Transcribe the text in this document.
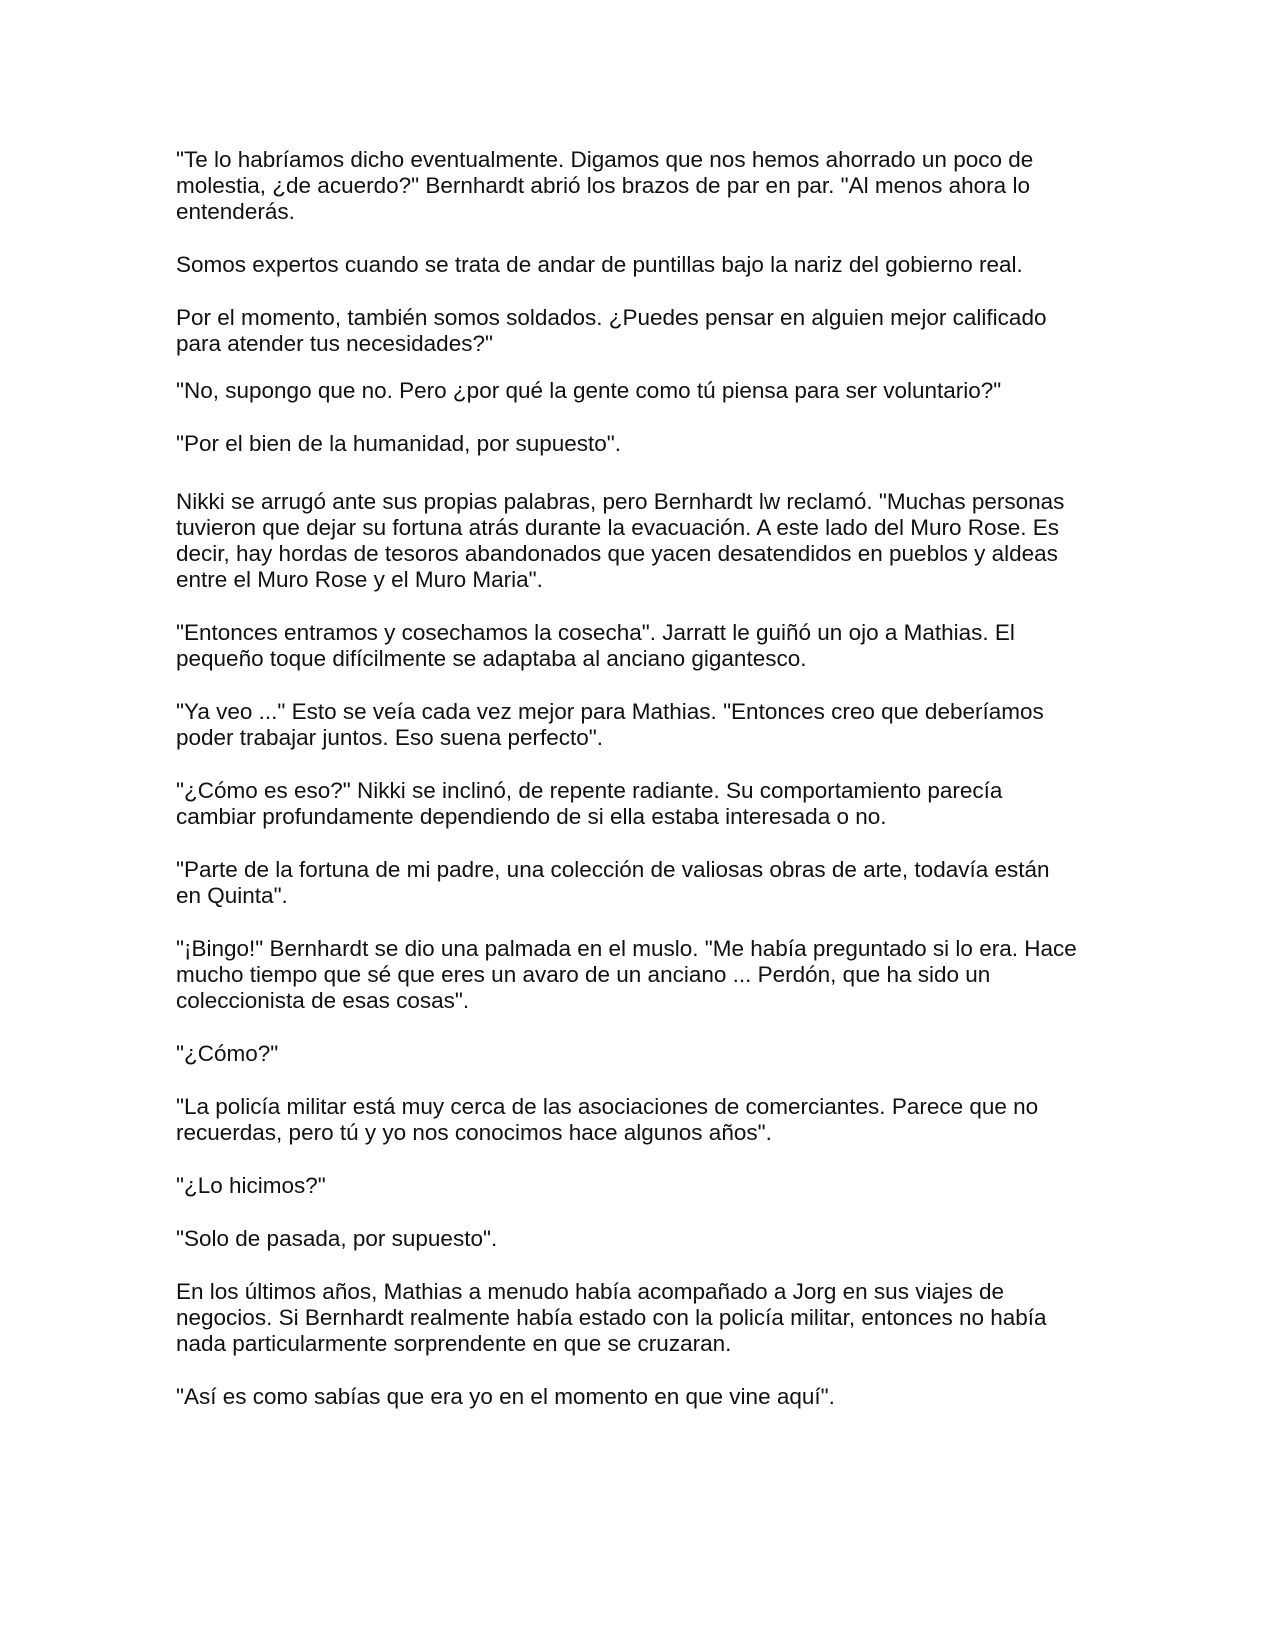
"Te lo habríamos dicho eventualmente. Digamos que nos hemos ahorrado un poco de
molestia, ¿de acuerdo?" Bernhardt abrió los brazos de par en par. "Al menos ahora lo
entenderás.

Somos expertos cuando se trata de andar de puntillas bajo la nariz del gobierno real.

Por el momento, también somos soldados. ¿Puedes pensar en alguien mejor calificado
para atender tus necesidades?"

"No, supongo que no. Pero ¿por qué la gente como tú piensa para ser voluntario?"

"Por el bien de la humanidad, por supuesto".

Nikki se arrugó ante sus propias palabras, pero Bernhardt lw reclamó. "Muchas personas
tuvieron que dejar su fortuna atrás durante la evacuación. A este lado del Muro Rose. Es
decir, hay hordas de tesoros abandonados que yacen desatendidos en pueblos y aldeas
entre el Muro Rose y el Muro Maria".

"Entonces entramos y cosechamos la cosecha". Jarratt le guiñó un ojo a Mathias. El
pequeño toque difícilmente se adaptaba al anciano gigantesco.

"Ya veo ..." Esto se veía cada vez mejor para Mathias. "Entonces creo que deberíamos
poder trabajar juntos. Eso suena perfecto".

"¿Cómo es eso?" Nikki se inclinó, de repente radiante. Su comportamiento parecía
cambiar profundamente dependiendo de si ella estaba interesada o no.

"Parte de la fortuna de mi padre, una colección de valiosas obras de arte, todavía están
en Quinta".

"¡Bingo!" Bernhardt se dio una palmada en el muslo. "Me había preguntado si lo era. Hace
mucho tiempo que sé que eres un avaro de un anciano ... Perdón, que ha sido un
coleccionista de esas cosas".

"¿Cómo?"

"La policía militar está muy cerca de las asociaciones de comerciantes. Parece que no
recuerdas, pero tú y yo nos conocimos hace algunos años".

"¿Lo hicimos?"

"Solo de pasada, por supuesto".

En los últimos años, Mathias a menudo había acompañado a Jorg en sus viajes de
negocios. Si Bernhardt realmente había estado con la policía militar, entonces no había
nada particularmente sorprendente en que se cruzaran.

"Así es como sabías que era yo en el momento en que vine aquí".
